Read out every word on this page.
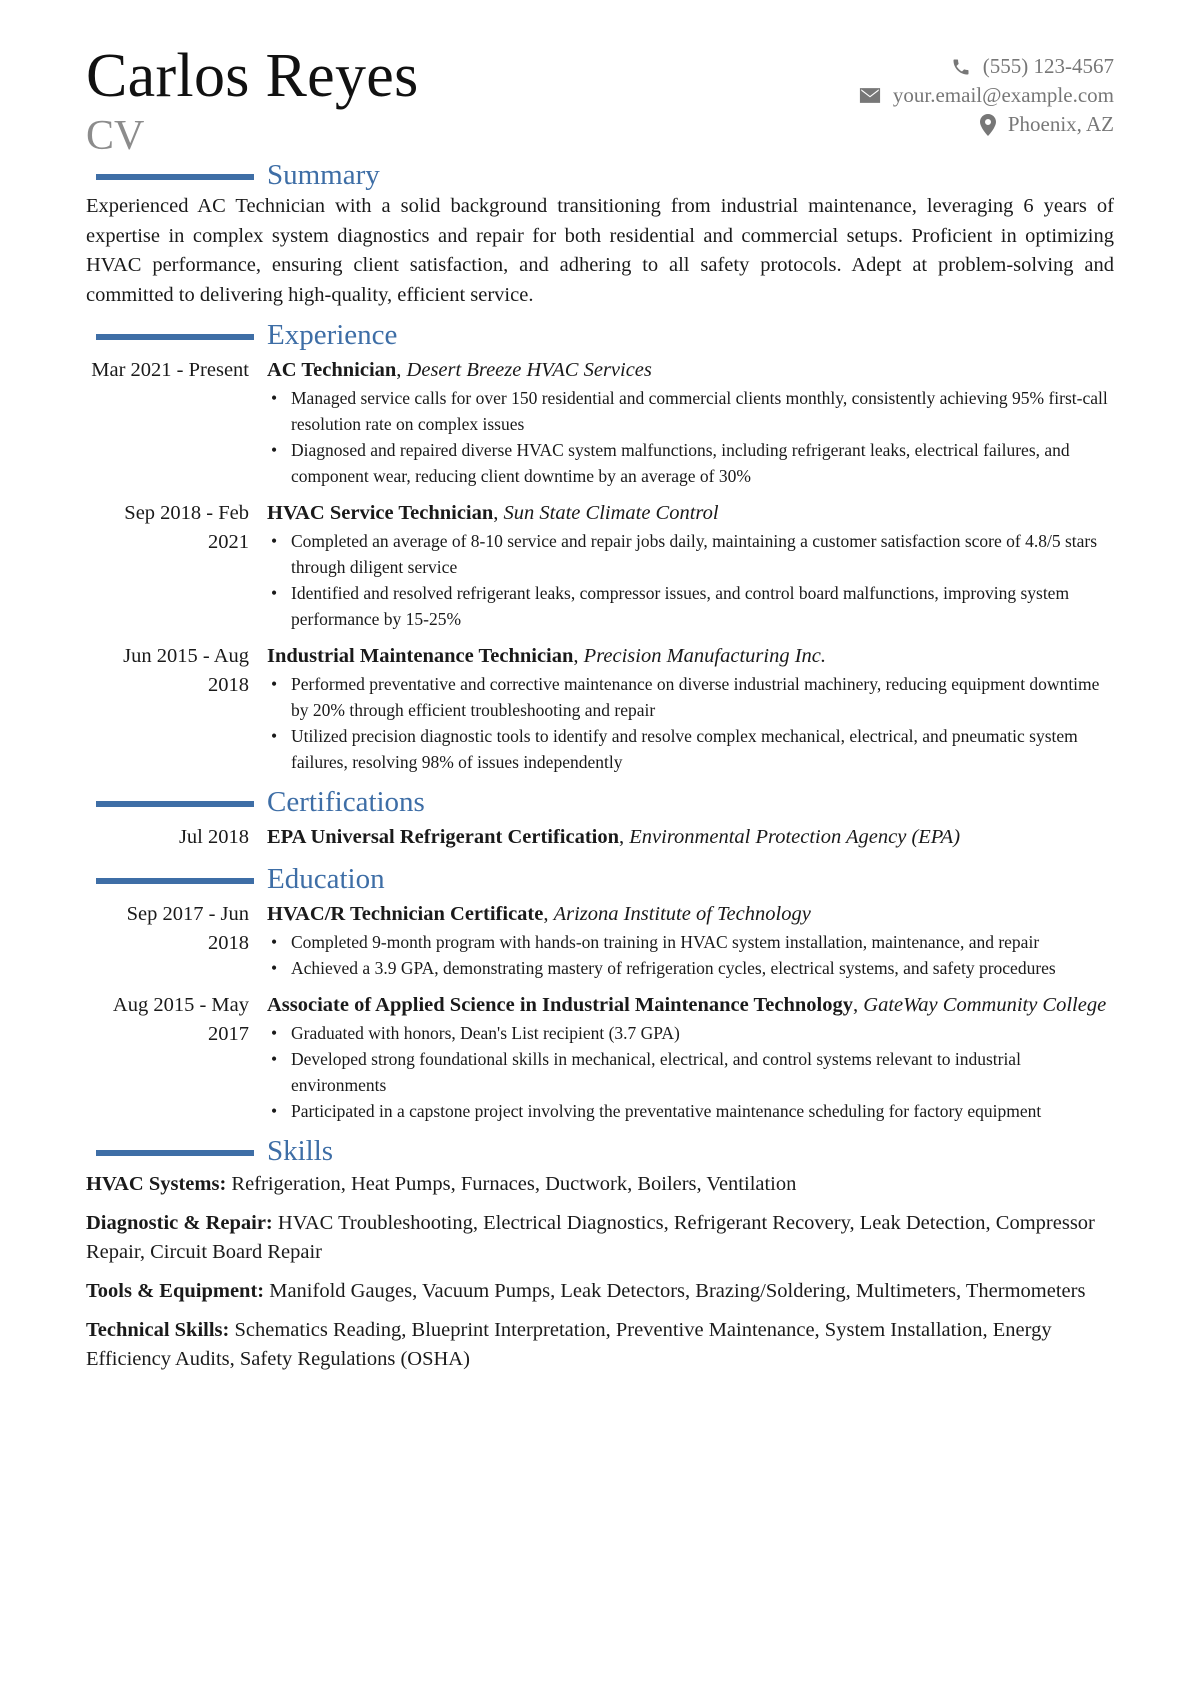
Carlos Reyes
CV
(555) 123-4567
your.email@example.com
Phoenix, AZ
Summary

Experienced AC Technician with a solid background transitioning from industrial maintenance, leveraging 6 years of expertise in complex system diagnostics and repair for both residential and commercial setups. Proficient in optimizing HVAC performance, ensuring client satisfaction, and adhering to all safety protocols. Adept at problem-solving and committed to delivering high-quality, efficient service.

Experience
Mar 2021 - Present AC Technician, Desert Breeze HVAC Services
• Managed service calls for over 150 residential and commercial clients monthly, consistently achieving 95% first-call resolution rate on complex issues
• Diagnosed and repaired diverse HVAC system malfunctions, including refrigerant leaks, electrical failures, and component wear, reducing client downtime by an average of 30%
Sep 2018 - Feb 2021
HVAC Service Technician, Sun State Climate Control
• Completed an average of 8-10 service and repair jobs daily, maintaining a customer satisfaction score of 4.8/5 stars through diligent service
• Identified and resolved refrigerant leaks, compressor issues, and control board malfunctions, improving system performance by 15-25%
Jun 2015 - Aug 2018
Industrial Maintenance Technician, Precision Manufacturing Inc.
• Performed preventative and corrective maintenance on diverse industrial machinery, reducing equipment downtime by 20% through efficient troubleshooting and repair
• Utilized precision diagnostic tools to identify and resolve complex mechanical, electrical, and pneumatic system failures, resolving 98% of issues independently
Certifications
Jul 2018 EPA Universal Refrigerant Certification, Environmental Protection Agency (EPA)
Education
Sep 2017 - Jun 2018
HVAC/R Technician Certificate, Arizona Institute of Technology
• Completed 9-month program with hands-on training in HVAC system installation, maintenance, and repair
• Achieved a 3.9 GPA, demonstrating mastery of refrigeration cycles, electrical systems, and safety procedures
Aug 2015 - May 2017
Associate of Applied Science in Industrial Maintenance Technology, GateWay Community College
• Graduated with honors, Dean's List recipient (3.7 GPA)
• Developed strong foundational skills in mechanical, electrical, and control systems relevant to industrial environments
• Participated in a capstone project involving the preventative maintenance scheduling for factory equipment
Skills
HVAC Systems: Refrigeration, Heat Pumps, Furnaces, Ductwork, Boilers, Ventilation
Diagnostic & Repair: HVAC Troubleshooting, Electrical Diagnostics, Refrigerant Recovery, Leak Detection, Compressor Repair, Circuit Board Repair
Tools & Equipment: Manifold Gauges, Vacuum Pumps, Leak Detectors, Brazing/Soldering, Multimeters, Thermometers
Technical Skills: Schematics Reading, Blueprint Interpretation, Preventive Maintenance, System Installation, Energy Efficiency Audits, Safety Regulations (OSHA)
